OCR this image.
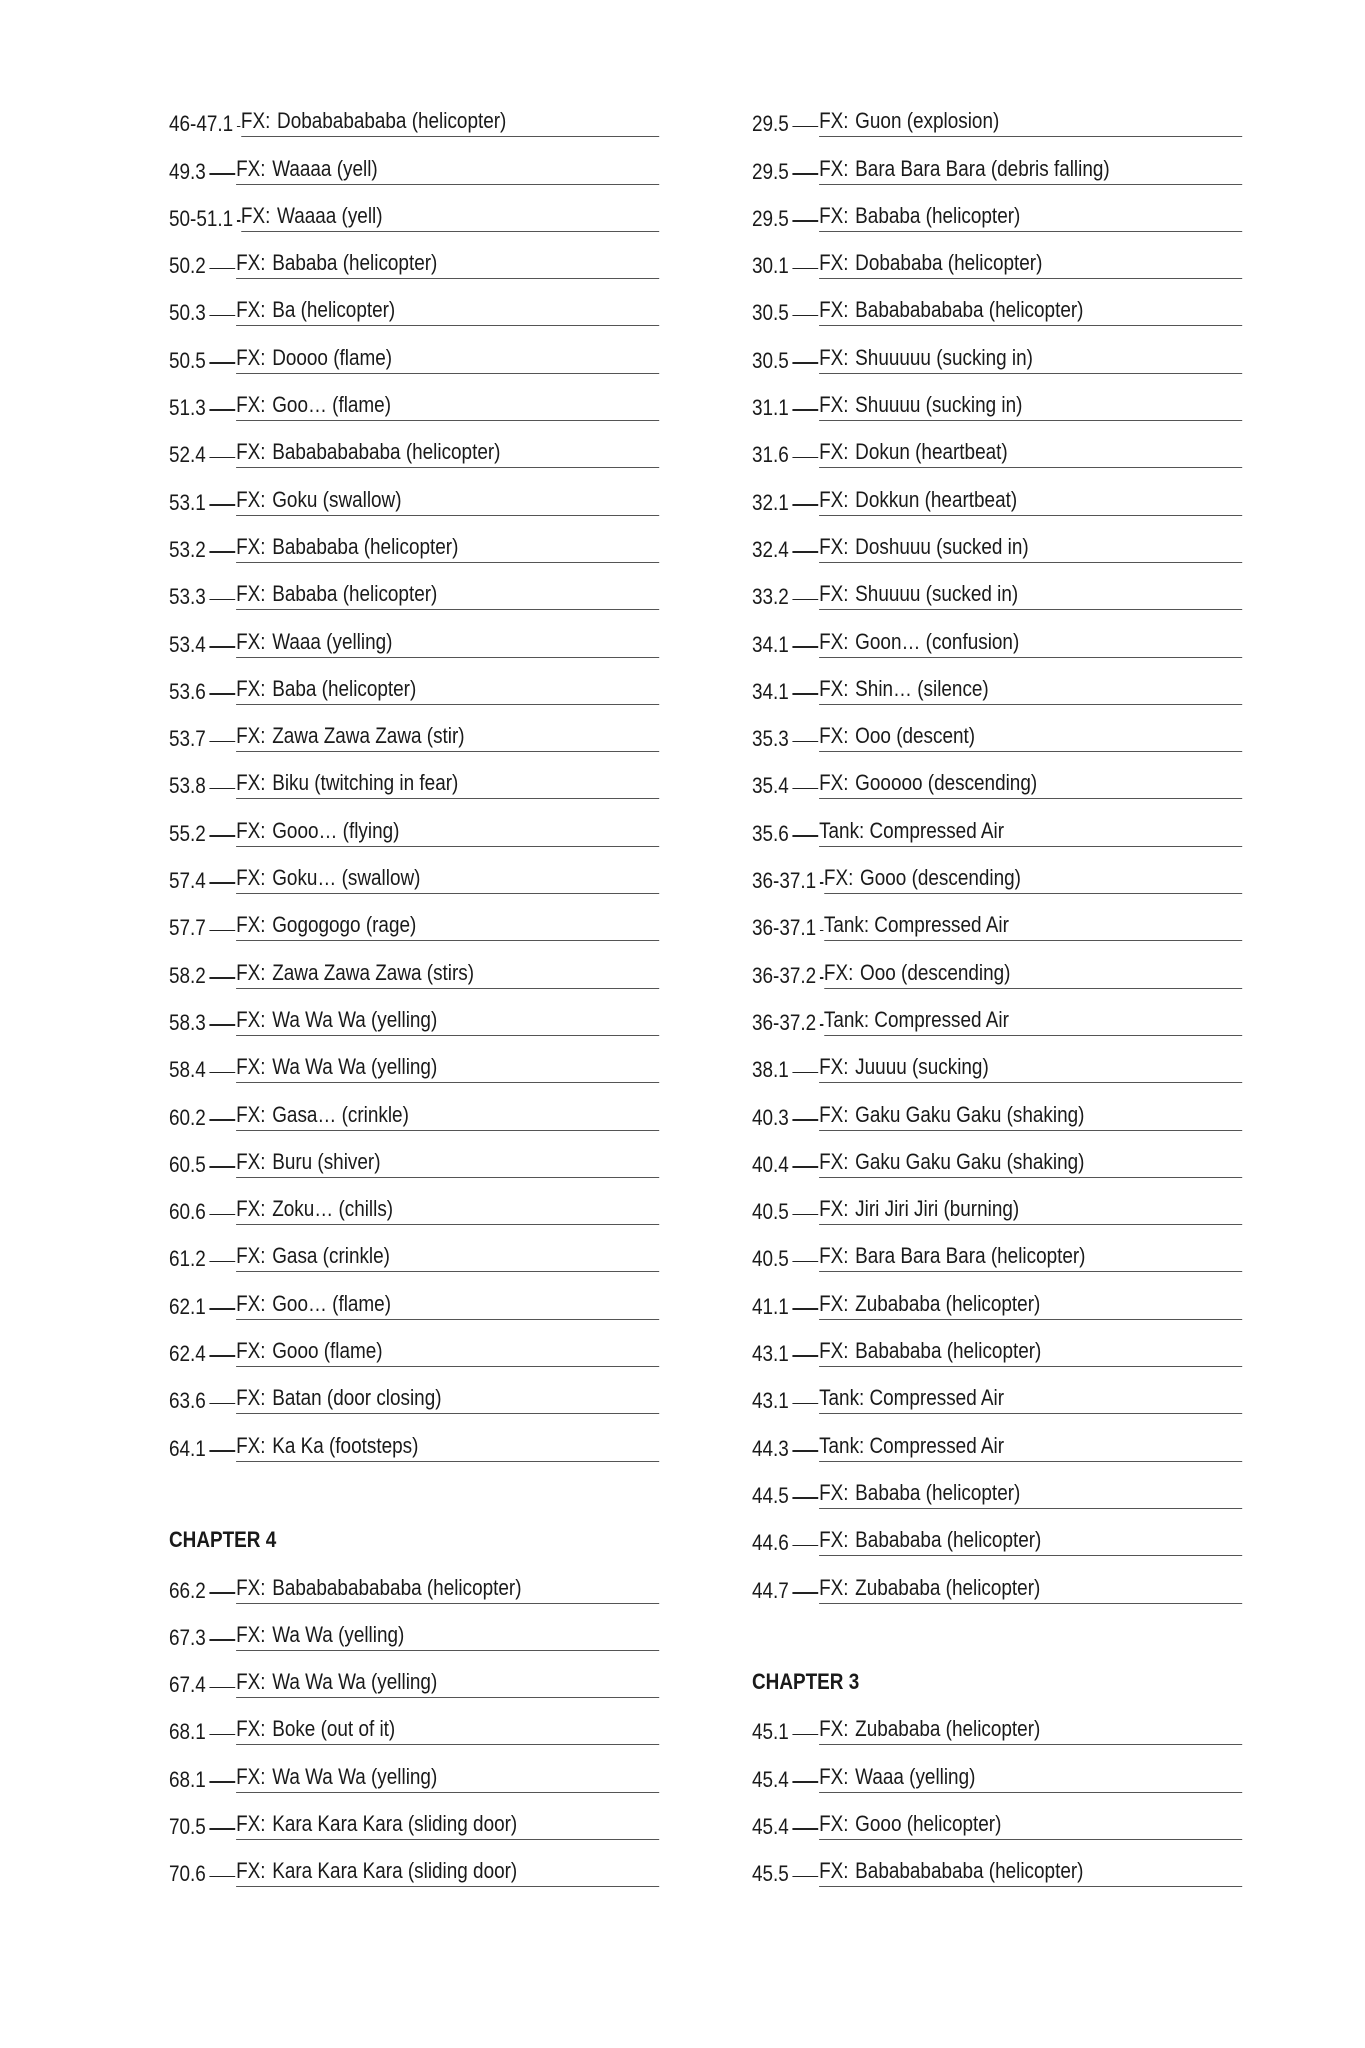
46-47.1 FX: Dobababababa (helicopter)
49.3 FX: Waaaa (yell)
50-51.1 FX: Waaaa (yell)
50.2 FX: Bababa (helicopter)
50.3 FX: Ba (helicopter)
50.5 FX: Doooo (flame)
51.3 FX: Goo… (flame)
52.4 FX: Babababababa (helicopter)
53.1 FX: Goku (swallow)
53.2 FX: Babababa (helicopter)
53.3 FX: Bababa (helicopter)
53.4 FX: Waaa (yelling)
53.6 FX: Baba (helicopter)
53.7 FX: Zawa Zawa Zawa (stir)
53.8 FX: Biku (twitching in fear)
55.2 FX: Gooo… (flying)
57.4 FX: Goku… (swallow)
57.7 FX: Gogogogo (rage)
58.2 FX: Zawa Zawa Zawa (stirs)
58.3 FX: Wa Wa Wa (yelling)
58.4 FX: Wa Wa Wa (yelling)
60.2 FX: Gasa… (crinkle)
60.5 FX: Buru (shiver)
60.6 FX: Zoku… (chills)
61.2 FX: Gasa (crinkle)
62.1 FX: Goo… (flame)
62.4 FX: Gooo (flame)
63.6 FX: Batan (door closing)
64.1 FX: Ka Ka (footsteps)
CHAPTER 4
66.2 FX: Bababababababa (helicopter)
67.3 FX: Wa Wa (yelling)
67.4 FX: Wa Wa Wa (yelling)
68.1 FX: Boke (out of it)
68.1 FX: Wa Wa Wa (yelling)
70.5 FX: Kara Kara Kara (sliding door)
70.6 FX: Kara Kara Kara (sliding door)
29.5 FX: Guon (explosion)
29.5 FX: Bara Bara Bara (debris falling)
29.5 FX: Bababa (helicopter)
30.1 FX: Dobababa (helicopter)
30.5 FX: Babababababa (helicopter)
30.5 FX: Shuuuuu (sucking in)
31.1 FX: Shuuuu (sucking in)
31.6 FX: Dokun (heartbeat)
32.1 FX: Dokkun (heartbeat)
32.4 FX: Doshuuu (sucked in)
33.2 FX: Shuuuu (sucked in)
34.1 FX: Goon… (confusion)
34.1 FX: Shin… (silence)
35.3 FX: Ooo (descent)
35.4 FX: Gooooo (descending)
35.6 Tank: Compressed Air
36-37.1 FX: Gooo (descending)
36-37.1 Tank: Compressed Air
36-37.2 FX: Ooo (descending)
36-37.2 Tank: Compressed Air
38.1 FX: Juuuu (sucking)
40.3 FX: Gaku Gaku Gaku (shaking)
40.4 FX: Gaku Gaku Gaku (shaking)
40.5 FX: Jiri Jiri Jiri (burning)
40.5 FX: Bara Bara Bara (helicopter)
41.1 FX: Zubababa (helicopter)
43.1 FX: Babababa (helicopter)
43.1 Tank: Compressed Air
44.3 Tank: Compressed Air
44.5 FX: Bababa (helicopter)
44.6 FX: Babababa (helicopter)
44.7 FX: Zubababa (helicopter)
CHAPTER 3
45.1 FX: Zubababa (helicopter)
45.4 FX: Waaa (yelling)
45.4 FX: Gooo (helicopter)
45.5 FX: Babababababa (helicopter)
